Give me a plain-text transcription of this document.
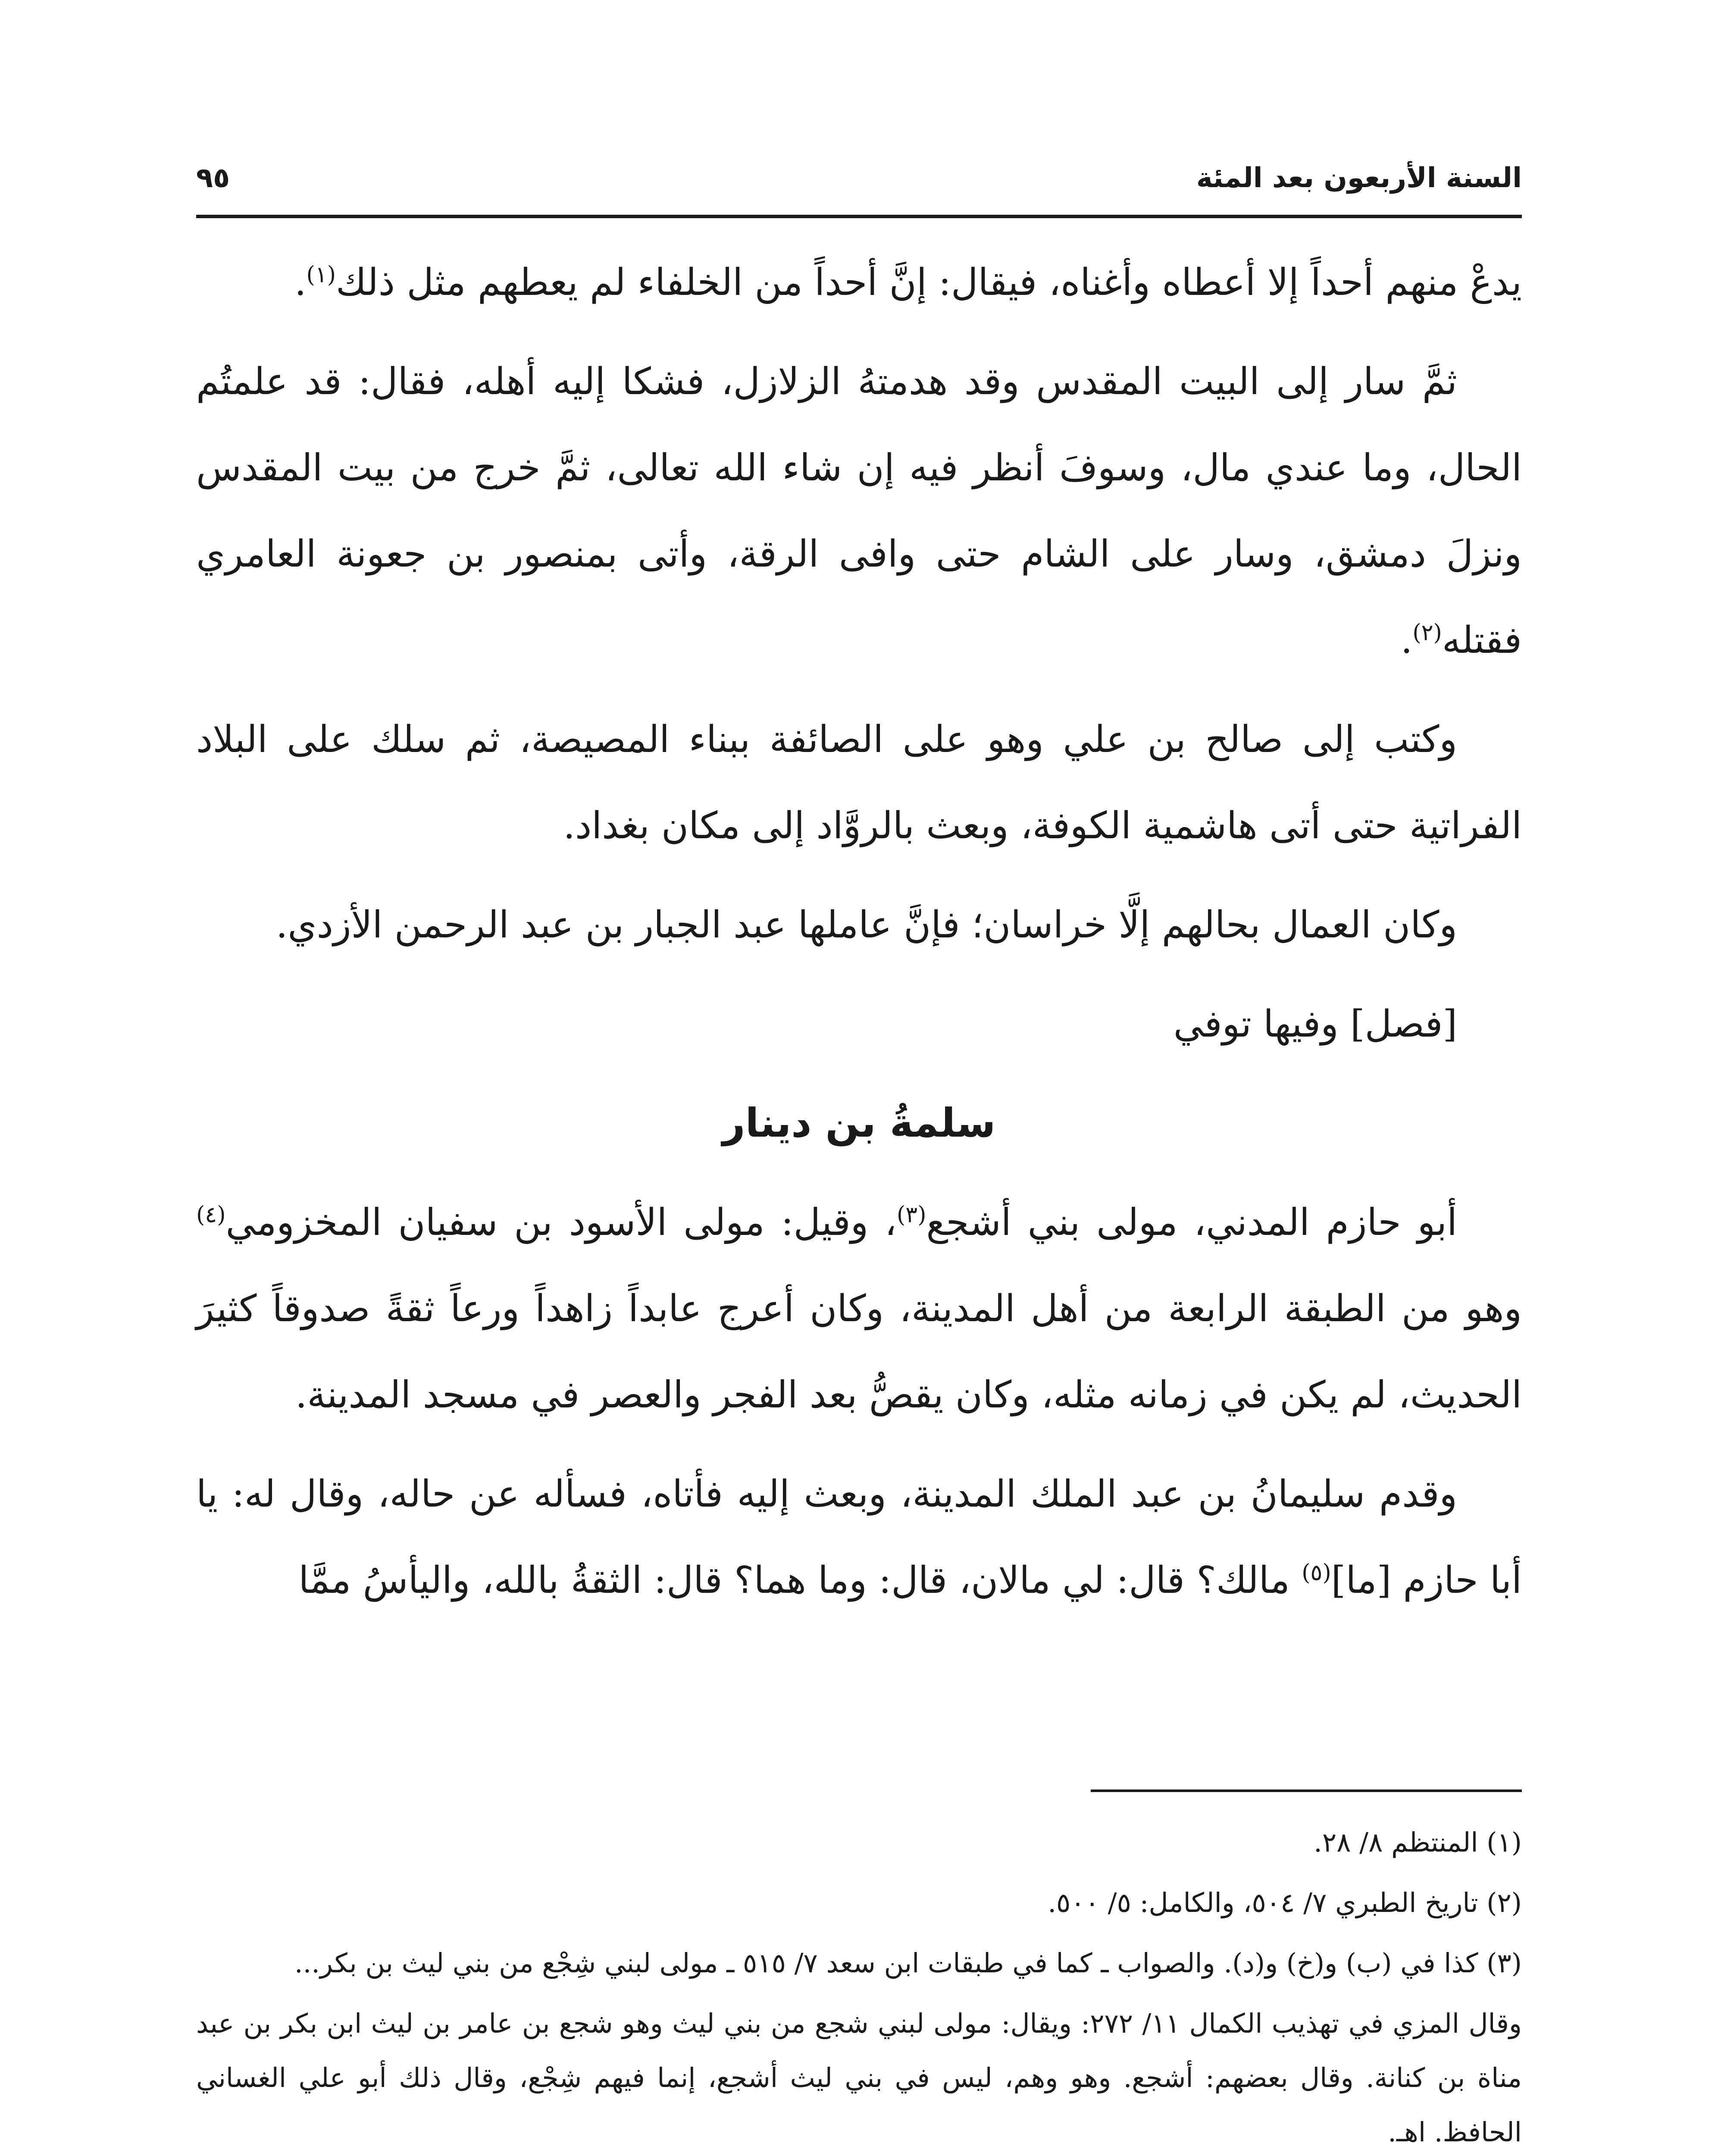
السنة الأربعون بعد المئة
٩٥

يدعْ منهم أحداً إلا أعطاه وأغناه، فيقال: إنَّ أحداً من الخلفاء لم يعطهم مثل ذلك$^{(١)}$.

ثمَّ سار إلى البيت المقدس وقد هدمتهُ الزلازل، فشكا إليه أهله، فقال: قد علمتُم الحال، وما عندي مال، وسوفَ أنظر فيه إن شاء الله تعالى، ثمَّ خرج من بيت المقدس ونزلَ دمشق، وسار على الشام حتى وافى الرقة، وأتى بمنصور بن جعونة العامري فقتله$^{(٢)}$.

وكتب إلى صالح بن علي وهو على الصائفة ببناء المصيصة، ثم سلك على البلاد الفراتية حتى أتى هاشمية الكوفة، وبعث بالروَّاد إلى مكان بغداد.

وكان العمال بحالهم إلَّا خراسان؛ فإنَّ عاملها عبد الجبار بن عبد الرحمن الأزدي.

[فصل] وفيها توفي

سلمةُ بن دينار

أبو حازم المدني، مولى بني أشجع$^{(٣)}$، وقيل: مولى الأسود بن سفيان المخزومي$^{(٤)}$ وهو من الطبقة الرابعة من أهل المدينة، وكان أعرج عابداً زاهداً ورعاً ثقةً صدوقاً كثيرَ الحديث، لم يكن في زمانه مثله، وكان يقصُّ بعد الفجر والعصر في مسجد المدينة.

وقدم سليمانُ بن عبد الملك المدينة، وبعث إليه فأتاه، فسأله عن حاله، وقال له: يا أبا حازم [ما]$^{(٥)}$ مالك؟ قال: لي مالان، قال: وما هما؟ قال: الثقةُ بالله، واليأسُ ممَّا

(١) المنتظم ٨/ ٢٨.
(٢) تاريخ الطبري ٧/ ٥٠٤، والكامل: ٥/ ٥٠٠.
(٣) كذا في (ب) و(خ) و(د). والصواب ـ كما في طبقات ابن سعد ٧/ ٥١٥ ـ مولى لبني شِجْع من بني ليث بن بكر...
وقال المزي في تهذيب الكمال ١١/ ٢٧٢: ويقال: مولى لبني شجع من بني ليث وهو شجع بن عامر بن ليث ابن بكر بن عبد مناة بن كنانة. وقال بعضهم: أشجع. وهو وهم، ليس في بني ليث أشجع، إنما فيهم شِجْع، وقال ذلك أبو علي الغساني الحافظ. اهـ.
